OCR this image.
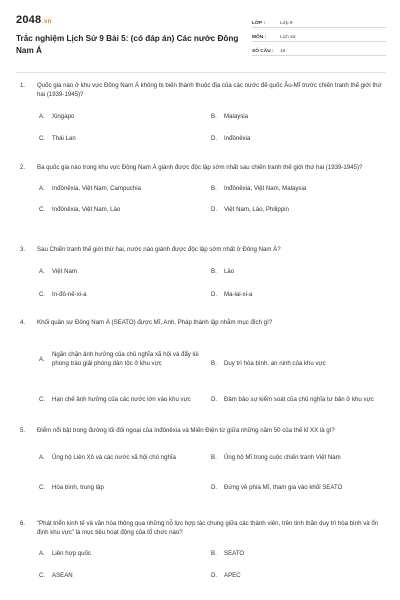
2048.vn
Trắc nghiệm Lịch Sử 9 Bài 5: (có đáp án) Các nước Đông Nam Á
LỚP :	Lớp 9
MÔN :	Lịch sử
SỐ CÂU :	16
1.	Quốc gia nào ở khu vực Đông Nam Á không bị biến thành thuộc địa của các nước đế quốc Âu-Mĩ trước chiến tranh thế giới thứ hai (1939-1945)?
A.	Xingapo	B.	Malaysia
C.	Thái Lan	D.	Inđônêxia
2.	Ba quốc gia nào trong khu vực Đông Nam Á giành được độc lập sớm nhất sau chiến tranh thế giới thứ hai (1939-1945)?
A.	Inđônêxia, Việt Nam, Campuchia	B.	Inđônêxia, Việt Nam, Malaysia
C.	Inđônêxia, Việt Nam, Lào	D.	Việt Nam, Lào, Philippin
3.	Sau Chiến tranh thế giới thứ hai, nước nào giành được độc lập sớm nhất ở Đông Nam Á?
A.	Việt Nam	B.	Lào
C.	In-đô-nê-xi-a	D.	Ma-lai-xi-a
4.	Khối quân sự Đông Nam Á (SEATO) được Mĩ, Anh, Pháp thành lập nhằm mục đích gì?
A.
Ngăn chặn ảnh hưởng của chủ nghĩa xã hội và đẩy lùi phong trào giải phóng dân tộc ở khu vực	B.	Duy trì hòa bình, an ninh của khu vực
C.	Hạn chế ảnh hưởng của các nước lớn vào khu vực	D.	Đảm bảo sự kiểm soát của chủ nghĩa tư bản ở khu vực
5.	Điểm nổi bật trong đường lối đối ngoại của Inđônêxia và Miến Điện từ giữa những năm 50 của thế kỉ XX là gì?
A.	Ủng hộ Liên Xô và các nước xã hội chủ nghĩa	B.	Ủng hộ Mĩ trong cuộc chiến tranh Việt Nam
C.	Hòa bình, trung lập	D.	Đứng về phía Mĩ, tham gia vào khối SEATO
6.	“Phát triển kinh tế và văn hóa thông qua những nỗ lực hợp tác chung giữa các thành viên, trên tinh thần duy trì hòa bình và ổn định khu vực” là mục tiêu hoạt động của tổ chức nào?
A.	Liên hợp quốc	B.	SEATO
C.	ASEAN	D.	APEC
